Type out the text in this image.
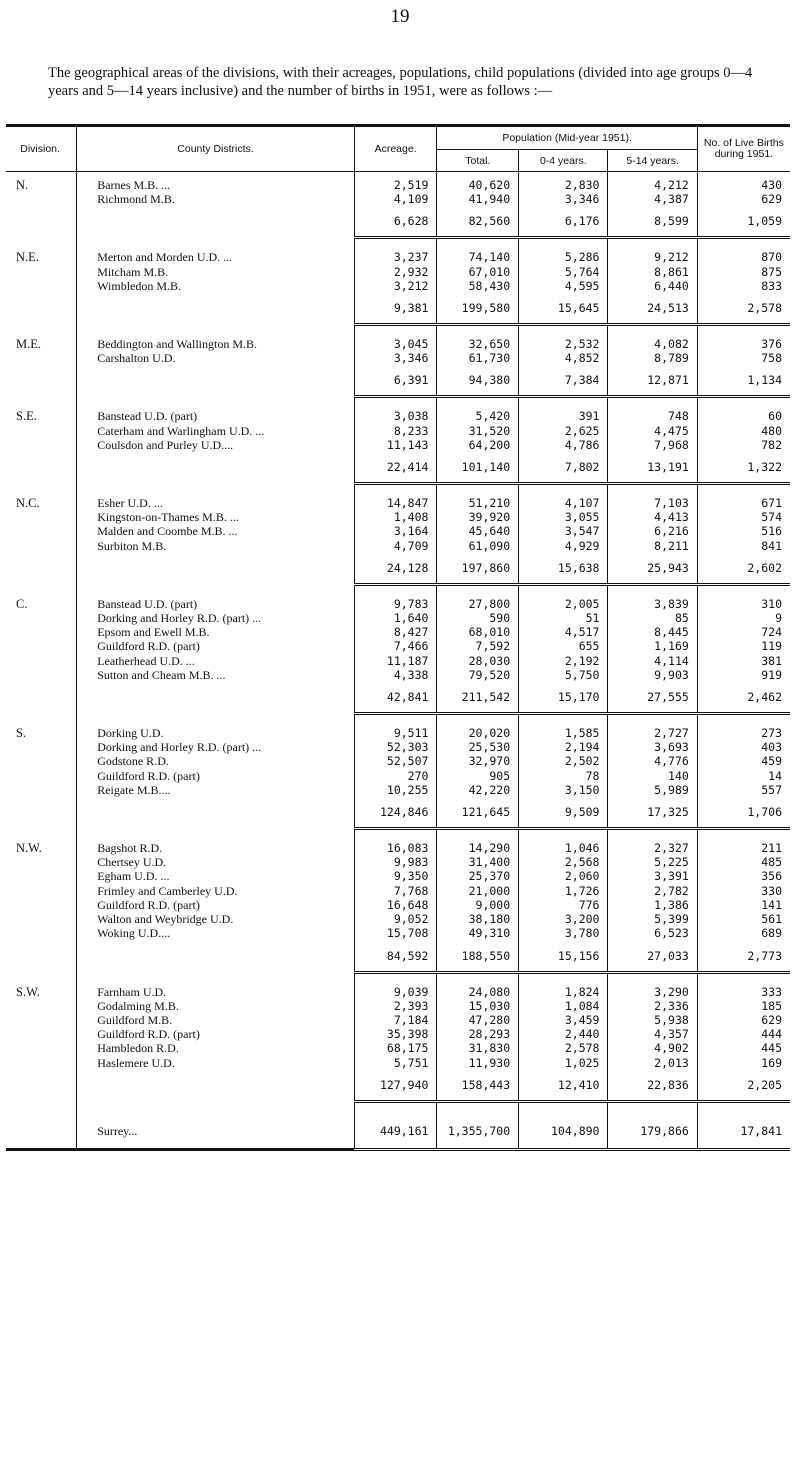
19
The geographical areas of the divisions, with their acreages, populations, child populations (divided into age groups 0—4 years and 5—14 years inclusive) and the number of births in 1951, were as follows :—
Division.	County Districts.	Acreage.	Population (Mid-year 1951).			No. of Live Births during 1951.
			Total.	0-4 years.	5-14 years.	

N.	Barnes M.B. ...	2,519	40,620	2,830	4,212	430
	Richmond M.B.	4,109	41,940	3,346	4,387	629
		6,628	82,560	6,176	8,599	1,059

N.E.	Merton and Morden U.D. ...	3,237	74,140	5,286	9,212	870
	Mitcham M.B.	2,932	67,010	5,764	8,861	875
	Wimbledon M.B.	3,212	58,430	4,595	6,440	833
		9,381	199,580	15,645	24,513	2,578

M.E.	Beddington and Wallington M.B.	3,045	32,650	2,532	4,082	376
	Carshalton U.D.	3,346	61,730	4,852	8,789	758
		6,391	94,380	7,384	12,871	1,134

S.E.	Banstead U.D. (part)	3,038	5,420	391	748	60
	Caterham and Warlingham U.D. ...	8,233	31,520	2,625	4,475	480
	Coulsdon and Purley U.D....	11,143	64,200	4,786	7,968	782
		22,414	101,140	7,802	13,191	1,322

N.C.	Esher U.D. ...	14,847	51,210	4,107	7,103	671
	Kingston-on-Thames M.B. ...	1,408	39,920	3,055	4,413	574
	Malden and Coombe M.B. ...	3,164	45,640	3,547	6,216	516
	Surbiton M.B.	4,709	61,090	4,929	8,211	841
		24,128	197,860	15,638	25,943	2,602

C.	Banstead U.D. (part)	9,783	27,800	2,005	3,839	310
	Dorking and Horley R.D. (part) ...	1,640	590	51	85	9
	Epsom and Ewell M.B.	8,427	68,010	4,517	8,445	724
	Guildford R.D. (part)	7,466	7,592	655	1,169	119
	Leatherhead U.D. ...	11,187	28,030	2,192	4,114	381
	Sutton and Cheam M.B. ...	4,338	79,520	5,750	9,903	919
		42,841	211,542	15,170	27,555	2,462

S.	Dorking U.D.	9,511	20,020	1,585	2,727	273
	Dorking and Horley R.D. (part) ...	52,303	25,530	2,194	3,693	403
	Godstone R.D.	52,507	32,970	2,502	4,776	459
	Guildford R.D. (part)	270	905	78	140	14
	Reigate M.B....	10,255	42,220	3,150	5,989	557
		124,846	121,645	9,509	17,325	1,706

N.W.	Bagshot R.D.	16,083	14,290	1,046	2,327	211
	Chertsey U.D.	9,983	31,400	2,568	5,225	485
	Egham U.D. ...	9,350	25,370	2,060	3,391	356
	Frimley and Camberley U.D.	7,768	21,000	1,726	2,782	330
	Guildford R.D. (part)	16,648	9,000	776	1,386	141
	Walton and Weybridge U.D.	9,052	38,180	3,200	5,399	561
	Woking U.D....	15,708	49,310	3,780	6,523	689
		84,592	188,550	15,156	27,033	2,773

S.W.	Farnham U.D.	9,039	24,080	1,824	3,290	333
	Godalming M.B.	2,393	15,030	1,084	2,336	185
	Guildford M.B.	7,184	47,280	3,459	5,938	629
	Guildford R.D. (part)	35,398	28,293	2,440	4,357	444
	Hambledon R.D.	68,175	31,830	2,578	4,902	445
	Haslemere U.D.	5,751	11,930	1,025	2,013	169
		127,940	158,443	12,410	22,836	2,205

	Surrey...	449,161	1,355,700	104,890	179,866	17,841
